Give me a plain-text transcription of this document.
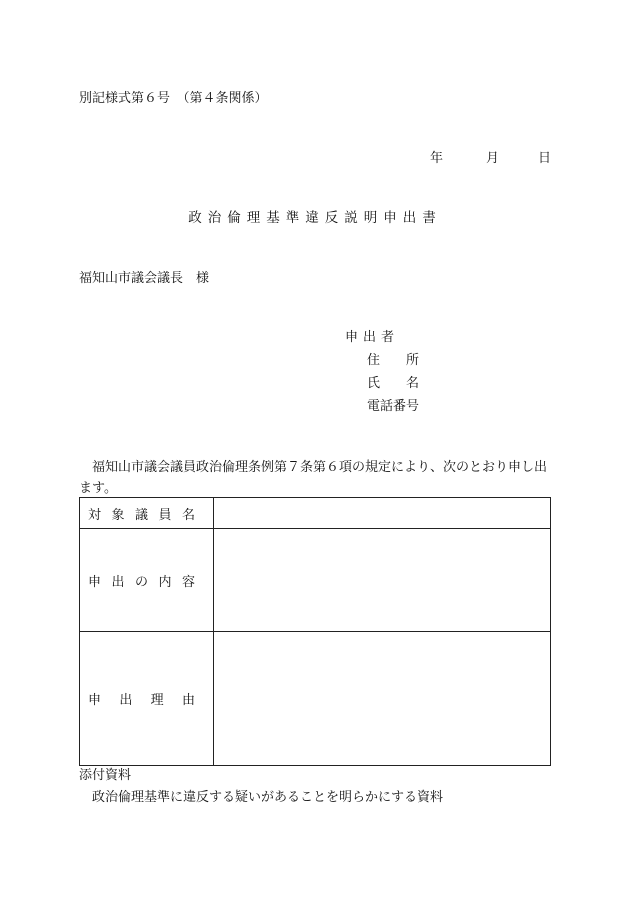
別記様式第６号　（第４条関係）
年	月	日
政治倫理基準違反説明申出書
福知山市議会議長　様
申出者
住 所
氏 名
電話番号
福知山市議会議員政治倫理条例第７条第６項の規定により、次のとおり申し出ます。
対 象 議 員 名	

申 出 の 内 容	

申 出 理 由	

添付資料
政治倫理基準に違反する疑いがあることを明らかにする資料
